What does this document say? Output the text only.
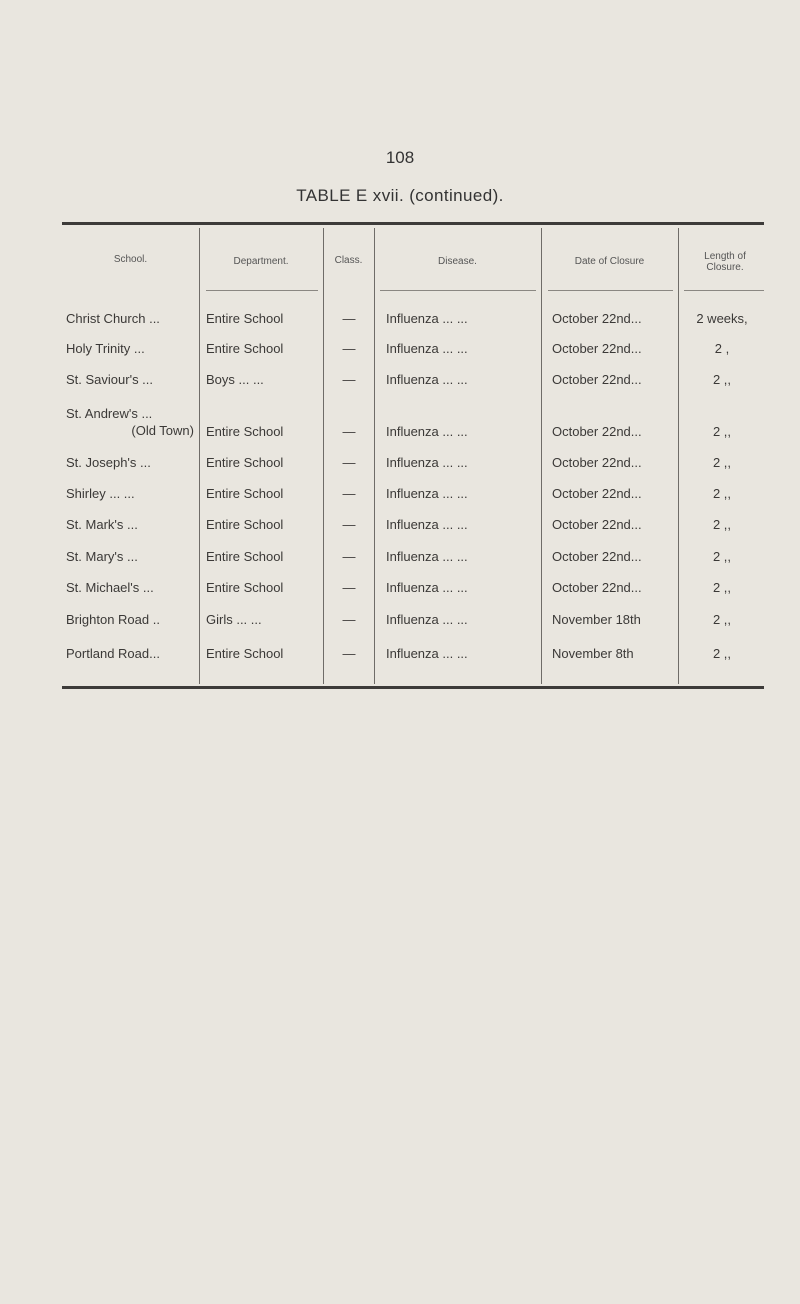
108
TABLE E xvii. (continued).
School.	Department.	Class.	Disease.	Date of Closure	Length of
Closure.
Christ Church ...	Entire School	—	Influenza ... ...	October 22nd...	2 weeks,
Holy Trinity ...	Entire School	—	Influenza ... ...	October 22nd...	2 ,
St. Saviour's ...	Boys ... ...	—	Influenza ... ...	October 22nd...	2 ,,
St. Andrew's ...
(Old Town) Entire School	—	Influenza ... ...	October 22nd...	2 ,,
St. Joseph's ...	Entire School	—	Influenza ... ...	October 22nd...	2 ,,
Shirley ... ...	Entire School	—	Influenza ... ...	October 22nd...	2 ,,
St. Mark's ...	Entire School	—	Influenza ... ...	October 22nd...	2 ,,
St. Mary's ...	Entire School	—	Influenza ... ...	October 22nd...	2 ,,
St. Michael's ...	Entire School	—	Influenza ... ...	October 22nd...	2 ,,
Brighton Road ..	Girls ... ...	—	Influenza ... ...	November 18th	2 ,,
Portland Road...	Entire School	—	Influenza ... ...	November 8th	2 ,,
